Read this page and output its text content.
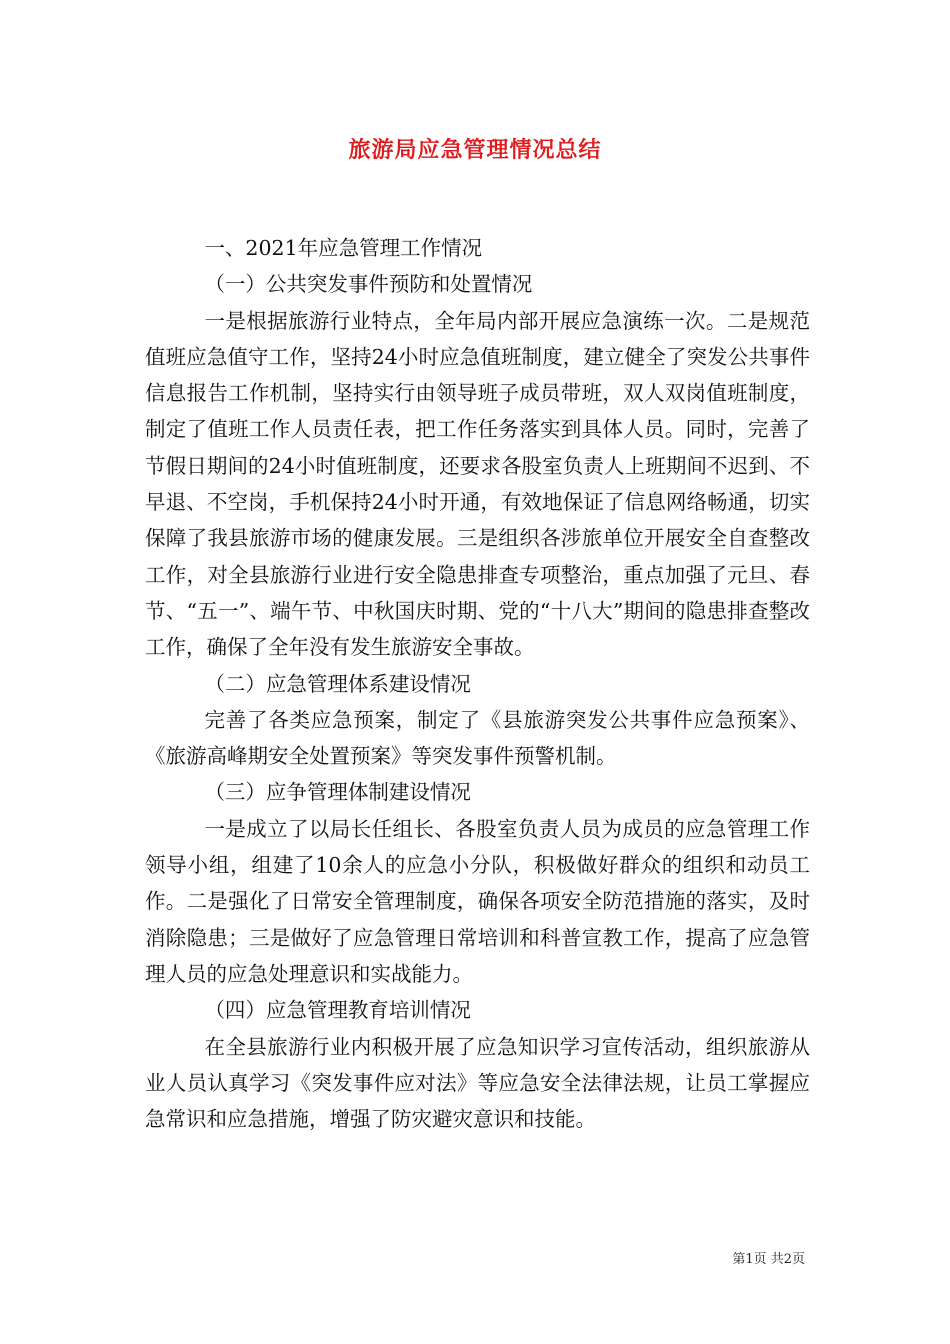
旅游局应急管理情况总结

一、2021年应急管理工作情况

（一）公共突发事件预防和处置情况

一是根据旅游行业特点，全年局内部开展应急演练一次。二是规范值班应急值守工作，坚持24小时应急值班制度，建立健全了突发公共事件信息报告工作机制，坚持实行由领导班子成员带班，双人双岗值班制度，制定了值班工作人员责任表，把工作任务落实到具体人员。同时，完善了节假日期间的24小时值班制度，还要求各股室负责人上班期间不迟到、不早退、不空岗，手机保持24小时开通，有效地保证了信息网络畅通，切实保障了我县旅游市场的健康发展。三是组织各涉旅单位开展安全自查整改工作，对全县旅游行业进行安全隐患排查专项整治，重点加强了元旦、春节、“五一”、端午节、中秋国庆时期、党的“十八大”期间的隐患排查整改工作，确保了全年没有发生旅游安全事故。

（二）应急管理体系建设情况

完善了各类应急预案，制定了《县旅游突发公共事件应急预案》、《旅游高峰期安全处置预案》等突发事件预警机制。

（三）应争管理体制建设情况

一是成立了以局长任组长、各股室负责人员为成员的应急管理工作领导小组，组建了10余人的应急小分队，积极做好群众的组织和动员工作。二是强化了日常安全管理制度，确保各项安全防范措施的落实，及时消除隐患；三是做好了应急管理日常培训和科普宣教工作，提高了应急管理人员的应急处理意识和实战能力。

（四）应急管理教育培训情况

在全县旅游行业内积极开展了应急知识学习宣传活动，组织旅游从业人员认真学习《突发事件应对法》等应急安全法律法规，让员工掌握应急常识和应急措施，增强了防灾避灾意识和技能。

第1页 共2页
